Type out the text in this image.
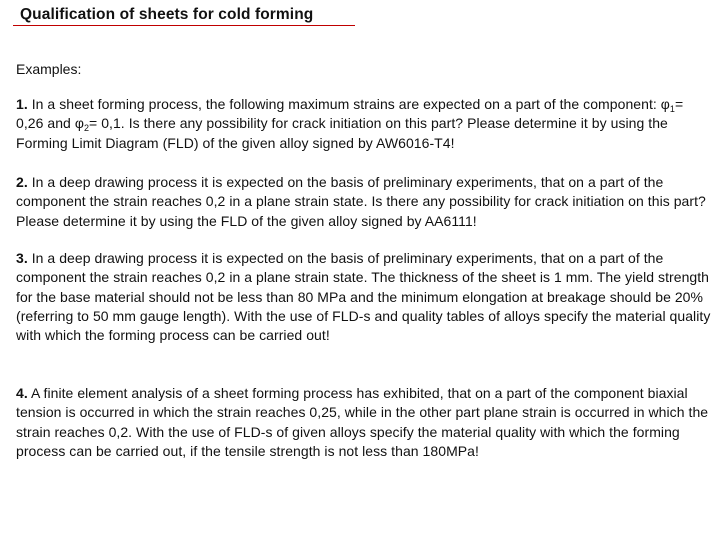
Qualification of sheets for cold forming
Examples:
1. In a sheet forming process, the following maximum strains are expected on a part of the component: $\varphi_1= 0,26$ and $\varphi_2= 0,1$. Is there any possibility for crack initiation on this part? Please determine it by using the Forming Limit Diagram (FLD) of the given alloy signed by AW6016-T4!
2. In a deep drawing process it is expected on the basis of preliminary experiments, that on a part of the component the strain reaches 0,2 in a plane strain state. Is there any possibility for crack initiation on this part? Please determine it by using the FLD of the given alloy signed by AA6111!
3. In a deep drawing process it is expected on the basis of preliminary experiments, that on a part of the component the strain reaches 0,2 in a plane strain state. The thickness of the sheet is 1 mm. The yield strength for the base material should not be less than 80 MPa and the minimum elongation at breakage should be 20% (referring to 50 mm gauge length). With the use of FLD-s and quality tables of alloys specify the material quality with which the forming process can be carried out!
4. A finite element analysis of a sheet forming process has exhibited, that on a part of the component biaxial tension is occurred in which the strain reaches 0,25, while in the other part plane strain is occurred in which the strain reaches 0,2. With the use of FLD-s of given alloys specify the material quality with which the forming process can be carried out, if the tensile strength is not less than 180MPa!
